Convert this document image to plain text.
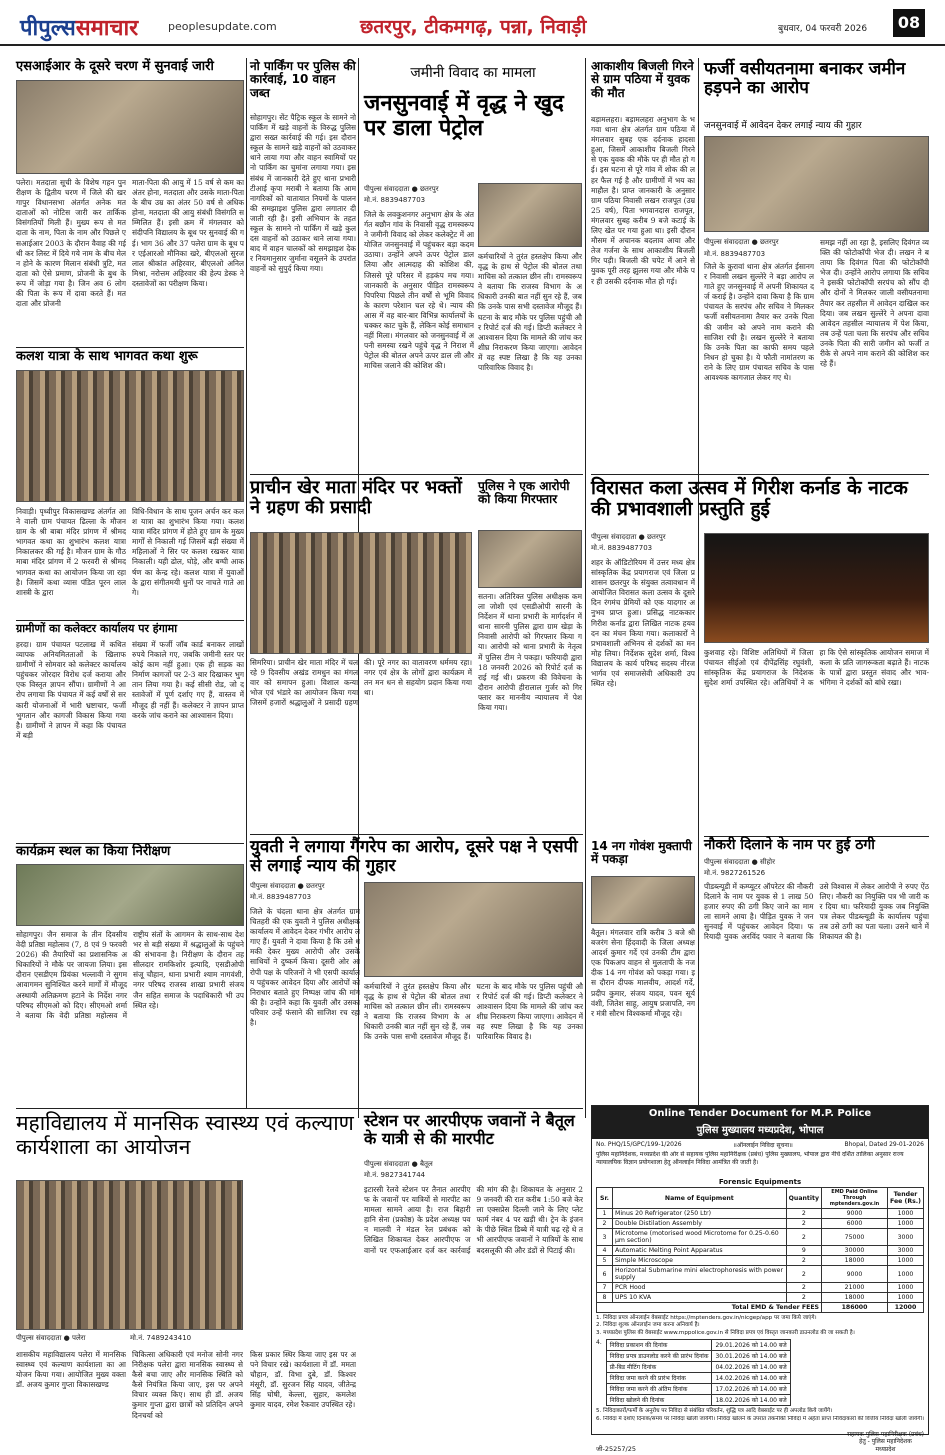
पीपुल्ससमाचार	peoplesupdate.com	छतरपुर, टीकमगढ़, पन्ना, निवाड़ी	बुधवार, 04 फरवरी 2026	08
एसआईआर के दूसरे चरण में सुनवाई जारी
पलेरा। मतदाता सूची के विशेष गहन पुनरीक्षण के द्वितीय चरण में जिले की खरगापुर विधानसभा अंतर्गत अनेक मतदाताओं को नोटिस जारी कर तार्किक विसंगतियों मिली हैं। मुख्य रूप से मतदाता के नाम, पिता के नाम और पिछले एसआईआर 2003 के दौरान वैवाह की गई थी कर लिस्ट में दिये गये नाम के बीच मेल न होने के कारण मिलान संबंधी त्रुटि, मतदाता को ऐसे प्रमाण, प्रोजनी के बुथ के रूप में जोड़ा गया है। जिन अव 6 लोग की पिता के रूप में दावा करते हैं। मतदाता और प्रोजनी
माता-पिता की आयु में 15 वर्ष से कम का अंतर होना, मतदाता और उसके माता-पिता के बीच उम्र का अंतर 50 वर्ष से अधिक होना, मतदाता की आयु संबंधी विसंगति सम्मिलित हैं। इसी क्रम में मंगलवार को संदीपनि विद्यालय के बूथ पर सुनवाई की गई। भाग 36 और 37 पलेरा ग्राम के बूथ पर एईआरओ मौनिका खरे, बीएलओ सुरजलाल श्रीकांत अहिरवार, बीएलओ अनिल मिश्रा, नरोत्तम अहिरवार की हेल्प डेस्क ने दस्तावेजों का परीक्षण किया।
कलश यात्रा के साथ भागवत कथा शुरू
निवाड़ी। पृथ्वीपुर विकासखण्ड अंतर्गत आने वाली ग्राम पंचायत ढिल्ला के मौजन ग्राम के श्री बाबा मंदिर प्रांगण में श्रीमद भागवत कथा का शुभारंभ कलश यात्रा निकालकर की गई है। मौजन ग्राम के गौठमाबा मंदिर प्रांगण में 2 फरवरी से श्रीमद भागवत कथा का आयोजन किया जा रहा है। जिसमें कथा व्यास पंडित पूरन लाल शास्त्री के द्वारा
विधि-विधान के साथ पूजन अर्चन कर कलश यात्रा का शुभारंभ किया गया। कलश यात्रा मंदिर प्रांगण में होते हुए ग्राम के मुख्य मार्गों से निकाली गई जिसमें बड़ी संख्या में महिलाओं ने सिर पर कलश रखकर यात्रा निकाली। यही ढोल, घोड़े, और बग्घी आकर्षण का केन्द्र रहे। कलश यात्रा में युवाओं के द्वारा संगीतमयी धुनों पर नाचते गाते आगे।
ग्रामीणों का कलेक्टर कार्यालय पर हंगामा
हरदा। ग्राम पंचायत पटलाख में कथित व्यापक अनियमितताओं के खिलाफ ग्रामीणों ने सोमवार को कलेक्टर कार्यालय पहुंचकर जोरदार विरोध दर्ज कराया और एक विस्तृत ज्ञापन सौंपा। ग्रामीणों ने आरोप लगाया कि पंचायत में कई वर्षों से सरकारी योजनाओं में भारी भ्रष्टाचार, फर्जी भुगतान और कागजी विकास किया गया है। ग्रामीणों ने ज्ञापन में कहा कि पंचायत में बड़ी
संख्या में फर्जी जॉब कार्ड बनाकर लाखों रुपये निकाले गए, जबकि जमीनी स्तर पर कोई काम नहीं हुआ। एक ही सड़क का निर्माण कागजों पर 2-3 बार दिखाकर भुगतान लिया गया है। कई सीसी रोड, जो दस्तावेजों में पूर्ण दर्शाए गए हैं, वास्तव में मौजूद ही नहीं हैं। कलेक्टर ने ज्ञापन प्राप्त करके जांच कराने का आश्वासन दिया।
कार्यक्रम स्थल का किया निरीक्षण
सोहागपुर। जैन समाज के तीन दिवसीय वेदी प्रतिष्ठा महोत्सव (7, 8 एवं 9 फरवरी 2026) की तैयारियों का प्रशासनिक अधिकारियों ने मौके पर जायजा लिया। इस दौरान एसडीएम प्रियंका भल्लावी ने सुगम आवागमन सुनिश्चित करने मार्गों में मौजूद अस्थायी अतिक्रमण हटाने के निर्देश नगर परिषद सीएमओ को दिए। सीएमओ शर्मा ने बताया कि वेदी प्रतिष्ठा महोत्सव में राष्ट्रीय संतों के आगमन के साथ-साथ देशभर से बड़ी संख्या में श्रद्धालुओं के पहुंचने की संभावना है। निरीक्षण के दौरान तहसीलदार रामकिशोर इत्यादि, एसडीओपी संजू चौहान, थाना प्रभारी श्याम नागवंशी, नगर परिषद राजस्व शाखा प्रभारी संजय जैन सहित समाज के पदाधिकारी भी उपस्थित रहे।
नो पार्किंग पर पुलिस की कार्रवाई, 10 वाहन जब्त
सोहागपुर। सेंट पैट्रिक स्कूल के सामने नो पार्किंग में खड़े वाहनों के विरुद्ध पुलिस द्वारा सख्त कार्रवाई की गई। इस दौरान स्कूल के सामने खड़े वाहनों को उठवाकर थाने लाया गया और वाहन स्वामियों पर नो पार्किंग का चुमांना लगाया गया। इस संबंध में जानकारी देते हुए थाना प्रभारी टीआई कृपा मराबी ने बताया कि आम नागरिकों को यातायात नियमों के पालन की समझाइश पुलिस द्वारा लगातार दी जाती रही है। इसी अभियान के तहत स्कूल के सामने नो पार्किंग में खड़े कुल दस वाहनों को उठाकर थाने लाया गया। बाद में वाहन चालकों को समझाइश देकर नियमानुसार जुर्माना वसूलने के उपरांत वाहनों को सुपुर्द किया गया।
जमीनी विवाद का मामला
जनसुनवाई में वृद्ध ने खुद पर डाला पेट्रोल
पीपुल्स संवाददाता ● छतरपुर
मो.नं. 8839487703
जिले के लवकुशनगर अनुभाग क्षेत्र के अंतर्गत बछौन गांव के निवासी वृद्ध रामस्वरूप ने जमीनी विवाद को लेकर कलेक्ट्रेट में आयोजित जनसुनवाई में पहुंचकर बड़ा कदम उठाया। उन्होंने अपने ऊपर पेट्रोल डाल लिया और आत्मदाह की कोशिश की, जिससे पूरे परिसर में हड़कंप मच गया। जानकारी के अनुसार पीड़ित रामस्वरूप पिपरिया पिछले तीन वर्षों से भूमि विवाद के कारण परेशान चल रहे थे। न्याय की आस में वह बार-बार विभिन्न कार्यालयों के चक्कर काट चुके हैं, लेकिन कोई समाधान नहीं मिला। मंगलवार को जनसुनवाई में अपनी समस्या रखने पहुंचे वृद्ध ने निराश में पेट्रोल की बोतल अपने ऊपर डाल ली और माचिस जलाने की कोशिश की।
कर्मचारियों ने तुरंत हस्तक्षेप किया और वृद्ध के हाथ से पेट्रोल की बोतल तथा माचिस को तत्काल छीन ली। रामस्वरूप ने बताया कि राजस्व विभाग के अधिकारी उनकी बात नहीं सुन रहे हैं, जबकि उनके पास सभी दस्तावेज मौजूद हैं। घटना के बाद मौके पर पुलिस पहुंची और रिपोर्ट दर्ज की गई। डिप्टी कलेक्टर ने आश्वासन दिया कि मामले की जांच कर शीघ्र निराकरण किया जाएगा। आवेदन में वह स्पष्ट लिखा है कि यह उनका पारिवारिक विवाद है।
प्राचीन खेर माता मंदिर पर भक्तों ने ग्रहण की प्रसादी
सिमरिया। प्राचीन खेर माता मंदिर में चल रहे 9 दिवसीय अखंड रामधुन का मंगलवार को समापन हुआ। विशाल कन्या भोज एवं भंडारे का आयोजन किया गया जिसमें हजारों श्रद्धालुओं ने प्रसादी ग्रहण की। पूरे नगर का वातावरण धर्ममय रहा। नगर एवं क्षेत्र के लोगों द्वारा कार्यक्रम में तन मन धन से सहयोग प्रदान किया गया था।
पुलिस ने एक आरोपी को किया गिरफ्तार
सतना। अतिरिक्त पुलिस अधीक्षक कमला जोशी एवं एसडीओपी सारनी के निर्देशन में थाना प्रभारी के मार्गदर्शन में थाना सारनी पुलिस द्वारा ग्राम खेड़ा के निवासी आरोपी को गिरफ्तार किया गया। आरोपी को थाना प्रभारी के नेतृत्व में पुलिस टीम ने पकड़ा। फरियादी द्वारा 18 जनवरी 2026 को रिपोर्ट दर्ज कराई गई थी। प्रकरण की विवेचना के दौरान आरोपी हीरालाल गुर्जर को गिरफ्तार कर माननीय न्यायालय में पेश किया गया।
युवती ने लगाया गैंगरेप का आरोप, दूसरे पक्ष ने एसपी से लगाई न्याय की गुहार
पीपुल्स संवाददाता ● छतरपुर
मो.नं. 8839487703
जिले के चंदला थाना क्षेत्र अंतर्गत ग्राम चितहरी की एक युवती ने पुलिस अधीक्षक कार्यालय में आवेदन देकर गंभीर आरोप लगाए हैं। युवती ने दावा किया है कि उसे धमकी देकर मुख्य आरोपी और उसके साथियों ने दुष्कर्म किया। दूसरी ओर आरोपी पक्ष के परिजनों ने भी एसपी कार्यालय पहुंचकर आवेदन दिया और आरोपों को निराधार बताते हुए निष्पक्ष जांच की मांग की है। उन्होंने कहा कि युवती और उसका परिवार उन्हें फंसाने की साजिश रच रहा है।
कर्मचारियों ने तुरंत हस्तक्षेप किया और वृद्ध के हाथ से पेट्रोल की बोतल तथा माचिस को तत्काल छीन ली। रामस्वरूप ने बताया कि राजस्व विभाग के अधिकारी उनकी बात नहीं सुन रहे हैं, जबकि उनके पास सभी दस्तावेज मौजूद हैं। घटना के बाद मौके पर पुलिस पहुंची और रिपोर्ट दर्ज की गई। डिप्टी कलेक्टर ने आश्वासन दिया कि मामले की जांच कर शीघ्र निराकरण किया जाएगा। आवेदन में वह स्पष्ट लिखा है कि यह उनका पारिवारिक विवाद है।
आकाशीय बिजली गिरने से ग्राम पठिया में युवक की मौत
बड़ामलहरा। बड़ामलहरा अनुभाग के भगवा थाना क्षेत्र अंतर्गत ग्राम पठिया में मंगलवार सुबह एक दर्दनाक हादसा हुआ, जिसमें आकाशीय बिजली गिरने से एक युवक की मौके पर ही मौत हो गई। इस घटना से पूरे गांव में शोक की लहर फैल गई है और ग्रामीणों में भय का माहौल है। प्राप्त जानकारी के अनुसार ग्राम पठिया निवासी लखन राजपूत (उम्र 25 वर्ष), पिता भगवानदास राजपूत, मंगलवार सुबह करीब 9 बजे कटाई के लिए खेत पर गया हुआ था। इसी दौरान मौसम में अचानक बदलाव आया और तेज गर्जना के साथ आकाशीय बिजली गिर पड़ी। बिजली की चपेट में आने से युवक पूरी तरह झुलस गया और मौके पर ही उसकी दर्दनाक मौत हो गई।
14 नग गोवंश मुक्तापी में पकड़ा
बैतूल। मंगलवार रात्रि करीब 3 बजे श्री बजरंग सेना हिंदवादी के जिला अध्यक्ष आदर्श कुमार गर्दे एवं उनकी टीम द्वारा एक पिकअप वाहन से मुलतापी के नजदीक 14 नग गोवंश को पकड़ा गया। इस दौरान दीपक मालवीय, आदर्श गर्दे, प्रदीप कुमार, संजय यादव, पवन सूर्यवंशी, जितेश साहू, आयुष प्रजापति, नगर मंत्री सौरभ विश्वकर्मा मौजूद रहे।
फर्जी वसीयतनामा बनाकर जमीन हड़पने का आरोप
जनसुनवाई में आवेदन देकर लगाई न्याय की गुहार
पीपुल्स संवाददाता ● छतरपुर
मो.नं. 8839487703
जिले के कुरावां थाना क्षेत्र अंतर्गत ईसानगर निवासी लखन सुल्लेरे ने बड़ा आरोप लगाते हुए जनसुनवाई में अपनी शिकायत दर्ज कराई है। उन्होंने दावा किया है कि ग्राम पंचायत के सरपंच और सचिव ने मिलकर फर्जी वसीयतनामा तैयार कर उनके पिता की जमीन को अपने नाम कराने की साजिश रची है। लखन सुल्लेरे ने बताया कि उनके पिता का काफी समय पहले निधन हो चुका है। ये फौती नामांतरण कराने के लिए ग्राम पंचायत सचिव के पास आवश्यक कागजात लेकर गए थे।
समझ नहीं आ रहा है, इसलिए दिवंगत व्यक्ति की फोटोकॉपी भेज दी। लखन ने बताया कि दिवंगत पिता की फोटोकॉपी भेज दी। उन्होंने आरोप लगाया कि सचिव ने इसकी फोटोकॉपी सरपंच को सौंप दी और दोनों ने मिलकर जाली वसीयतनामा तैयार कर तहसील में आवेदन दाखिल कर दिया। जब लखन सुल्लेरे ने अपना दावा आवेदन तहसील न्यायालय में पेश किया, तब उन्हें पता चला कि सरपंच और सचिव उनके पिता की सारी जमीन को फर्जी तरीके से अपने नाम कराने की कोशिश कर रहे हैं।
विरासत कला उत्सव में गिरीश कर्नाड के नाटक की प्रभावशाली प्रस्तुति हुई
पीपुल्स संवाददाता ● छतरपुर
मो.नं. 8839487703
शहर के ऑडिटोरियम में उत्तर मध्य क्षेत्र सांस्कृतिक केंद्र प्रयागराज एवं जिला प्रशासन छतरपुर के संयुक्त तत्वावधान में आयोजित विरासत कला उत्सव के दूसरे दिन रंगमंच प्रेमियों को एक यादगार अनुभव प्राप्त हुआ। प्रसिद्ध नाटककार गिरीश कर्नाड द्वारा लिखित नाटक हयवदन का मंचन किया गया। कलाकारों ने प्रभावशाली अभिनय से दर्शकों का मन मोह लिया। निर्देशक सुदेश शर्मा, विश्वविद्यालय के कार्य परिषद सदस्य नीरज भार्गव एवं समाजसेवी अधिकारी उपस्थित रहे।
कुशवाह रहे। विशिष्ट अतिथियों में जिला पंचायत सीईओ एवं दीपेंद्रसिंह रघुवंशी, सांस्कृतिक केंद्र प्रयागराज के निदेशक सुदेश शर्मा उपस्थित रहे। अतिथियों ने कहा कि ऐसे सांस्कृतिक आयोजन समाज में कला के प्रति जागरूकता बढ़ाते हैं। नाटक के पात्रों द्वारा प्रस्तुत संवाद और भाव-भंगिमा ने दर्शकों को बांधे रखा।
नौकरी दिलाने के नाम पर हुई ठगी
पीपुल्स संवाददाता ● सीहोर
मो.नं. 9827261526
पीडब्ल्यूडी में कम्प्यूटर ऑपरेटर की नौकरी दिलाने के नाम पर युवक से 1 लाख 50 हजार रुपए की ठगी किए जाने का मामला सामने आया है। पीड़ित युवक ने जनसुनवाई में पहुंचकर आवेदन दिया। फरियादी युवक अरविंद पवार ने बताया कि उसे विश्वास में लेकर आरोपी ने रुपए ऐंठ लिए। नौकरी का नियुक्ति पत्र भी जारी कर दिया था। फरियादी युवक जब नियुक्ति पत्र लेकर पीडब्ल्यूडी के कार्यालय पहुंचा तब उसे ठगी का पता चला। उसने थाने में शिकायत की है।
महाविद्यालय में मानसिक स्वास्थ्य एवं कल्याण कार्यशाला का आयोजन
पीपुल्स संवाददाता ● पलेरा	मो.नं. 7489243410
शासकीय महाविद्यालय पलेरा में मानसिक स्वास्थ्य एवं कल्याण कार्यशाला का आयोजन किया गया। आयोजित मुख्य वक्ता डॉ. अजय कुमार गुप्ता विकासखण्ड
चिकित्सा अधिकारी एवं मनोज सोनी नगर निरीक्षक पलेरा द्वारा मानसिक स्वास्थ्य से कैसे बचा जाए और मानसिक स्थिति को कैसे नियंत्रित किया जाए, इस पर अपने विचार व्यक्त किए। साथ ही डॉ. अजय कुमार गुप्ता द्वारा छात्रों को प्रतिदिन अपने दिनचर्या को
किस प्रकार स्थिर किया जाए इस पर अपने विचार रखे। कार्यशाला में डॉ. ममता चौहान, डॉ. विभा दुबे, डॉ. किश्वर मंसूरी, डॉ. सुरजन सिंह यादव, जीतेन्द्र सिंह घोषी, केल्ला, सुहार, कमलेश कुमार यादव, रमेश रैकवार उपस्थित रहे।
स्टेशन पर आरपीएफ जवानों ने बैतूल के यात्री से की मारपीट
पीपुल्स संवाददाता ● बैतूल
मो.नं. 9827341744
इटारसी रेलवे स्टेशन पर तैनात आरपीएफ के जवानों पर यात्रियों से मारपीट का मामला सामने आया है। राज बिहारी हानि सेना (प्रकोष्ठ) के प्रदेश अध्यक्ष पवन मालवी ने मंडल रेल प्रबंधक को लिखित शिकायत देकर आरपीएफ जवानों पर एफआईआर दर्ज कर कार्रवाई की मांग की है। शिकायत के अनुसार 29 जनवरी की रात करीब 1:50 बजे केरला एक्सप्रेस दिल्ली जाने के लिए प्लेटफार्म नंबर 4 पर खड़ी थी। ट्रेन के इंजन के पीछे स्थित डिब्बे में यात्री चढ़ रहे थे तभी आरपीएफ जवानों ने यात्रियों के साथ बदसलूकी की और डंडों से पिटाई की।
Online Tender Document for M.P. Police
पुलिस मुख्यालय मध्यप्रदेश, भोपाल
No. PHQ/15/GPC/199-1/2026	॥ऑनलाईन निविदा सूचना॥	Bhopal, Dated 29-01-2026
पुलिस महानिदेशक, मध्यप्रदेश की ओर से सहायक पुलिस महानिरीक्षक (प्रबंध) पुलिस मुख्यालय, भोपाल द्वारा नीचे दर्शित तालिका अनुसार राज्य न्यायालयिक विज्ञान प्रयोगशाला हेतु ऑनलाईन निविदा आमंत्रित की जाती है।
Forensic Equipments
Sr.	Name of Equipment	Quantity	EMD Paid Online Through mptenders.gov.in	Tender Fee (Rs.)
1	Minus 20 Refrigerator (250 Ltr)	2	9000	1000
2	Double Distilation Assembly	2	6000	1000
3	Microtome (motorised wood Microtome for 0.25-0.60 μm section)	2	75000	3000
4	Automatic Melting Point Apparatus	9	30000	3000
5	Simple Microscope	2	18000	1000
6	Horizontal Submarine mini electrophoresis with power supply	2	9000	1000
7	PCR Hood	2	21000	1000
8	UPS 10 KVA	2	18000	1000
Total EMD & Tender FEES			186000	12000
1. निविदा प्रपत्र ऑनलाईन वेबसाईट https://mptenders.gov.in/nicgep/app पर जमा किये जाएंगे।
2. निविदा शुल्क ऑनलाईन जमा करना अनिवार्य है।
3. मध्यप्रदेश पुलिस की वेबसाईट www.mppolice.gov.in से निविदा प्रपत्र एवं विस्तृत जानकारी डाउनलोड की जा सकती है।
4. निविदा प्रकाशन की दिनांक	29.01.2026 को 14.00 बजे
निविदा प्रपत्र डाउनलोड करने की प्रारंभ दिनांक	30.01.2026 को 14.00 बजे
प्री-बिड मीटिंग दिनांक	04.02.2026 को 14.00 बजे
निविदा जमा करने की प्रारंभ दिनांक	14.02.2026 को 14.00 बजे
निविदा जमा करने की अंतिम दिनांक	17.02.2026 को 14.00 बजे
निविदा खोलने की दिनांक	18.02.2026 को 14.00 बजे
5. निविदाकारों/फर्मों के अनुरोध पर निविदा से संबंधित परिवर्तन, शुद्धि पत्र आदि वेबसाईट पर ही अपलोड किये जायेंगे।
6. निविदा में दर्शाए दिनांक/समय पर निविदा खोली जायेगी। निविदा खोलने के उपरांत तकनीकी निविदा में अर्हता प्राप्त निविदाकारों की वित्तीय निविदा खोली जायेगी।
जी-25257/25
सहायक पुलिस महानिरीक्षक (प्रबंध)
हेतु - पुलिस महानिदेशक
मध्यप्रदेश
